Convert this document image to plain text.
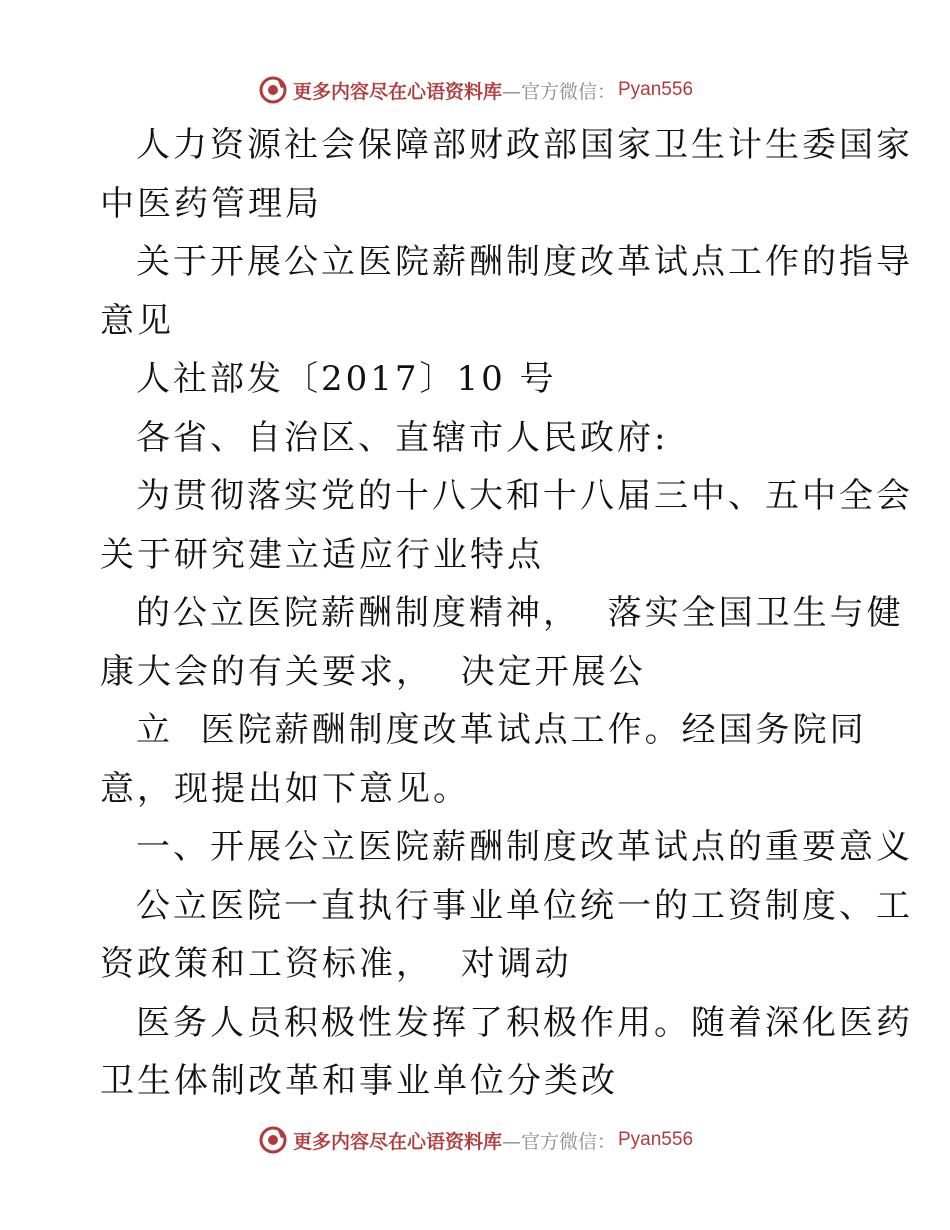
更多内容尽在心语资料库 —官方微信： Pyan556

人力资源社会保障部财政部国家卫生计生委国家

中医药管理局

关于开展公立医院薪酬制度改革试点工作的指导

意见

人社部发〔2017〕10 号

各省、自治区、直辖市人民政府:

为贯彻落实党的十八大和十八届三中、五中全会

关于研究建立适应行业特点

的公立医院薪酬制度精神，  落实全国卫生与健

康大会的有关要求，  决定开展公

立  医院薪酬制度改革试点工作。经国务院同

意，现提出如下意见。

一、开展公立医院薪酬制度改革试点的重要意义

公立医院一直执行事业单位统一的工资制度、工

资政策和工资标准，  对调动

医务人员积极性发挥了积极作用。随着深化医药

卫生体制改革和事业单位分类改

更多内容尽在心语资料库 —官方微信： Pyan556
